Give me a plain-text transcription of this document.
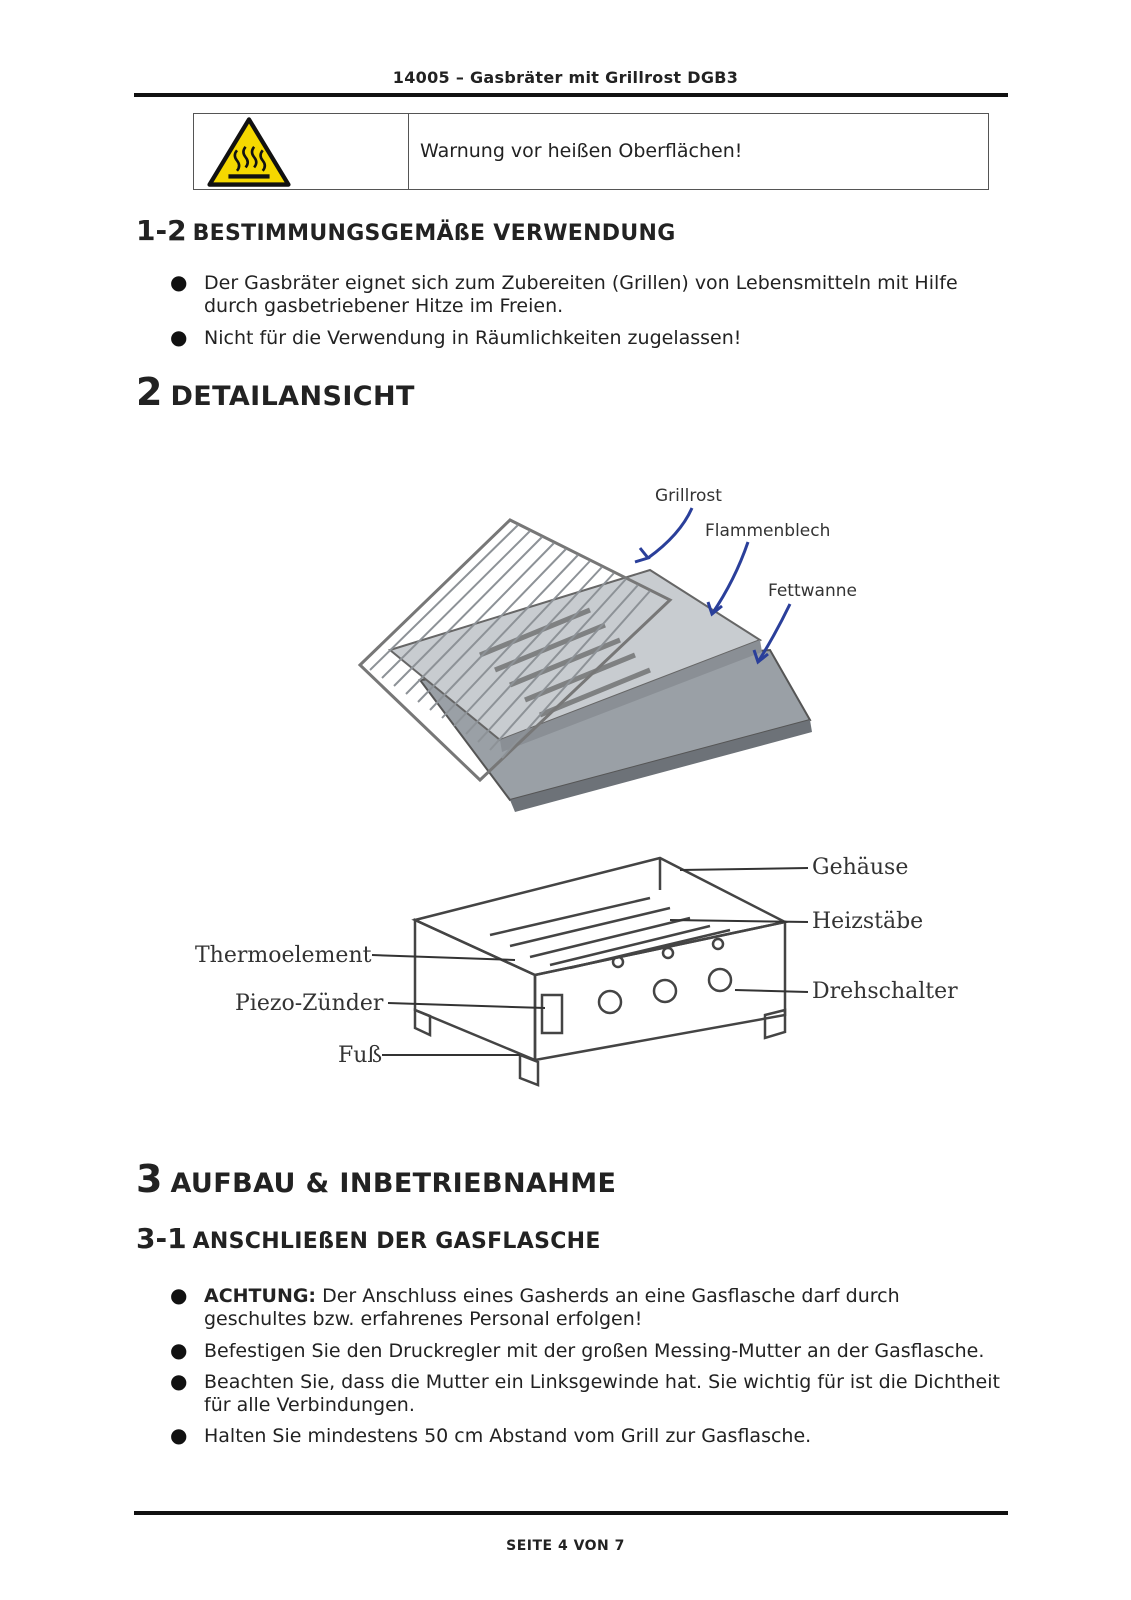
14005 – Gasbräter mit Grillrost DGB3
Warnung vor heißen Oberflächen!
1-2 BESTIMMUNGSGEMÄßE VERWENDUNG
● Der Gasbräter eignet sich zum Zubereiten (Grillen) von Lebensmitteln mit Hilfe durch gasbetriebener Hitze im Freien.
● Nicht für die Verwendung in Räumlichkeiten zugelassen!
2 DETAILANSICHT
Grillrost
Flammenblech
Fettwanne
Gehäuse
Heizstäbe
Drehschalter
Thermoelement
Piezo-Zünder
Fuß
3 AUFBAU & INBETRIEBNAHME
3-1 ANSCHLIEßEN DER GASFLASCHE
● ACHTUNG: Der Anschluss eines Gasherds an eine Gasflasche darf durch geschultes bzw. erfahrenes Personal erfolgen!
● Befestigen Sie den Druckregler mit der großen Messing-Mutter an der Gasflasche.
● Beachten Sie, dass die Mutter ein Linksgewinde hat. Sie wichtig für ist die Dichtheit für alle Verbindungen.
● Halten Sie mindestens 50 cm Abstand vom Grill zur Gasflasche.
SEITE 4 VON 7
